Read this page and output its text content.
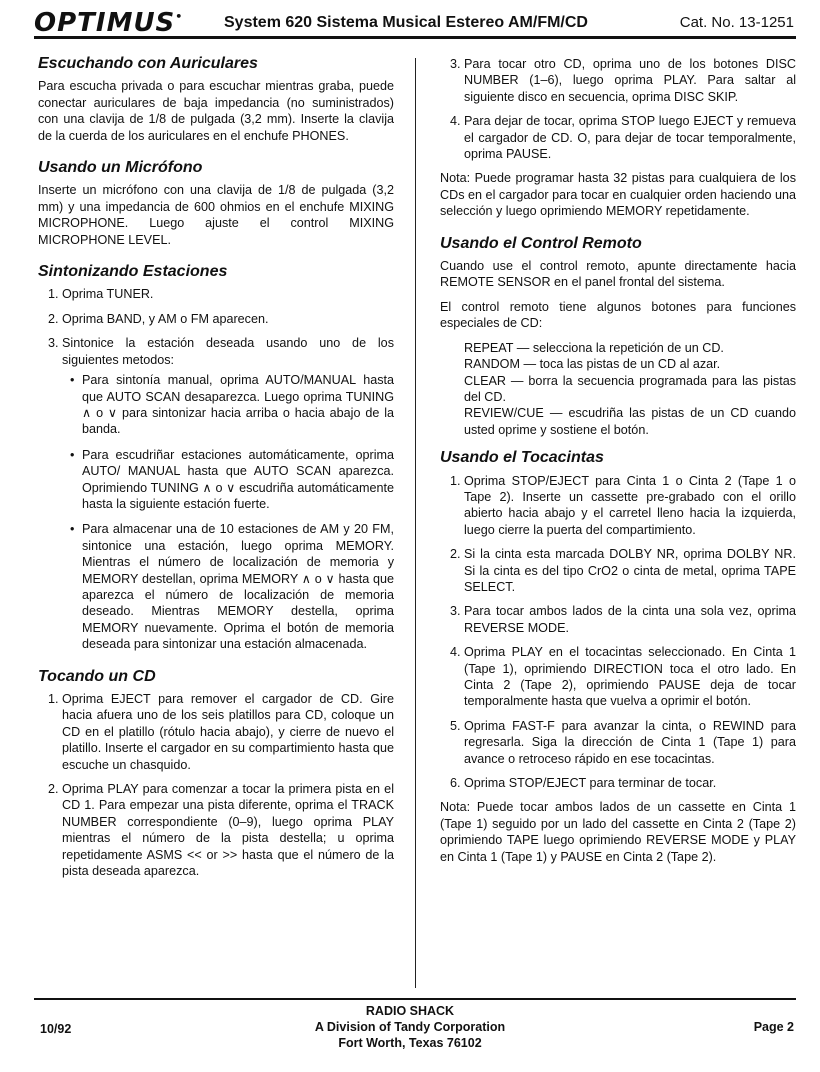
OPTIMUS•	System 620 Sistema Musical Estereo AM/FM/CD	Cat. No. 13-1251
Escuchando con Auriculares

Para escucha privada o para escuchar mientras graba, puede conectar auriculares de baja impedancia (no suministrados) con una clavija de 1/8 de pulgada (3,2 mm). Inserte la clavija de la cuerda de los auriculares en el enchufe PHONES.

Usando un Micrófono

Inserte un micrófono con una clavija de 1/8 de pulgada (3,2 mm) y una impedancia de 600 ohmios en el enchufe MIXING MICROPHONE. Luego ajuste el control MIXING MICROPHONE LEVEL.

Sintonizando Estaciones
1. Oprima TUNER.
2. Oprima BAND, y AM o FM aparecen.
3. Sintonice la estación deseada usando uno de los siguientes metodos:
• Para sintonía manual, oprima AUTO/MANUAL hasta que AUTO SCAN desaparezca. Luego oprima TUNING ∧ o ∨ para sintonizar hacia arriba o hacia abajo de la banda.
• Para escudriñar estaciones automáticamente, oprima AUTO/ MANUAL hasta que AUTO SCAN aparezca. Oprimiendo TUNING ∧ o ∨ escudriña automáticamente hasta la siguiente estación fuerte.
• Para almacenar una de 10 estaciones de AM y 20 FM, sintonice una estación, luego oprima MEMORY. Mientras el número de localización de memoria y MEMORY destellan, oprima MEMORY ∧ o ∨ hasta que aparezca el número de localización de memoria deseado. Mientras MEMORY destella, oprima MEMORY nuevamente. Oprima el botón de memoria deseada para sintonizar una estación almacenada.
Tocando un CD
1. Oprima EJECT para remover el cargador de CD. Gire hacia afuera uno de los seis platillos para CD, coloque un CD en el platillo (rótulo hacia abajo), y cierre de nuevo el platillo. Inserte el cargador en su compartimiento hasta que escuche un chasquido.
2. Oprima PLAY para comenzar a tocar la primera pista en el CD 1. Para empezar una pista diferente, oprima el TRACK NUMBER correspondiente (0–9), luego oprima PLAY mientras el número de la pista destella; u oprima repetidamente ASMS << or >> hasta que el número de la pista deseada aparezca.
3. Para tocar otro CD, oprima uno de los botones DISC NUMBER (1–6), luego oprima PLAY. Para saltar al siguiente disco en secuencia, oprima DISC SKIP.
4. Para dejar de tocar, oprima STOP luego EJECT y remueva el cargador de CD. O, para dejar de tocar temporalmente, oprima PAUSE.

Nota: Puede programar hasta 32 pistas para cualquiera de los CDs en el cargador para tocar en cualquier orden haciendo una selección y luego oprimiendo MEMORY repetidamente.

Usando el Control Remoto

Cuando use el control remoto, apunte directamente hacia REMOTE SENSOR en el panel frontal del sistema.

El control remoto tiene algunos botones para funciones especiales de CD:

REPEAT — selecciona la repetición de un CD.
RANDOM — toca las pistas de un CD al azar.
CLEAR — borra la secuencia programada para las pistas del CD.
REVIEW/CUE — escudriña las pistas de un CD cuando usted oprime y sostiene el botón.
Usando el Tocacintas
1. Oprima STOP/EJECT para Cinta 1 o Cinta 2 (Tape 1 o Tape 2). Inserte un cassette pre-grabado con el orillo abierto hacia abajo y el carretel lleno hacia la izquierda, luego cierre la puerta del compartimiento.
2. Si la cinta esta marcada DOLBY NR, oprima DOLBY NR. Si la cinta es del tipo CrO2 o cinta de metal, oprima TAPE SELECT.
3. Para tocar ambos lados de la cinta una sola vez, oprima REVERSE MODE.
4. Oprima PLAY en el tocacintas seleccionado. En Cinta 1 (Tape 1), oprimiendo DIRECTION toca el otro lado. En Cinta 2 (Tape 2), oprimiendo PAUSE deja de tocar temporalmente hasta que vuelva a oprimir el botón.
5. Oprima FAST-F para avanzar la cinta, o REWIND para regresarla. Siga la dirección de Cinta 1 (Tape 1) para avance o retroceso rápido en ese tocacintas.
6. Oprima STOP/EJECT para terminar de tocar.

Nota: Puede tocar ambos lados de un cassette en Cinta 1 (Tape 1) seguido por un lado del cassette en Cinta 2 (Tape 2) oprimiendo TAPE luego oprimiendo REVERSE MODE y PLAY en Cinta 1 (Tape 1) y PAUSE en Cinta 2 (Tape 2).

10/92
RADIO SHACK
A Division of Tandy Corporation
Fort Worth, Texas 76102
Page 2
